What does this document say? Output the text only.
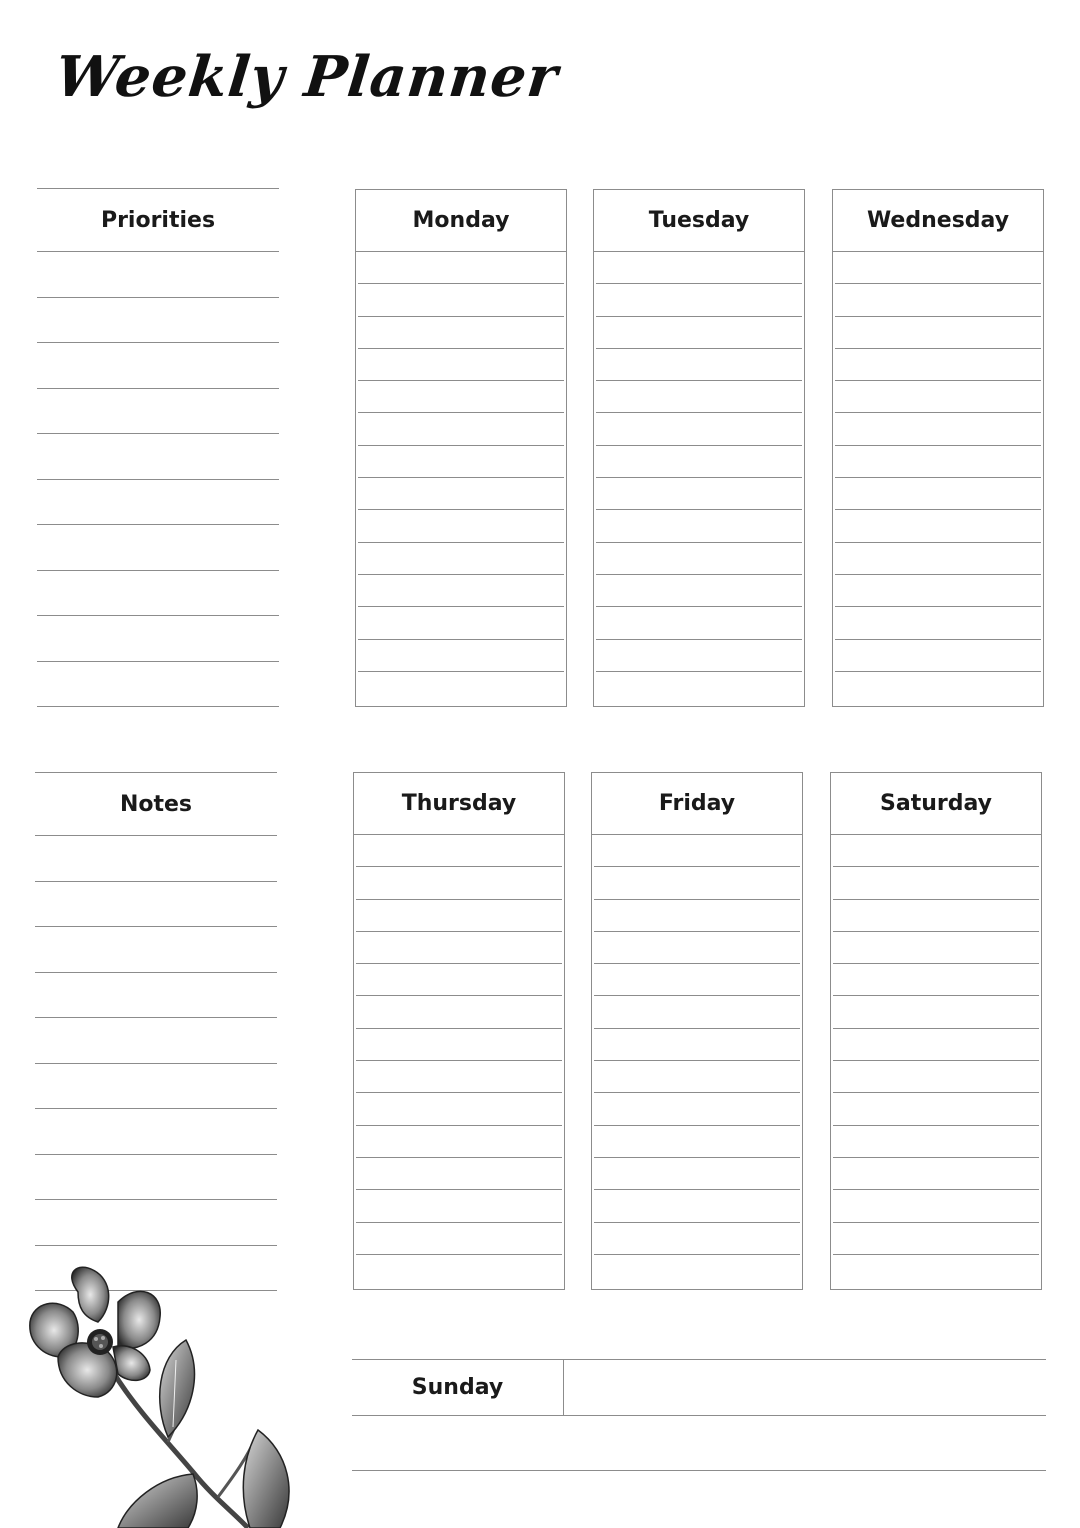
Weekly Planner
Priorities
Notes
Monday	Tuesday	Wednesday
Thursday	Friday	Saturday
Sunday
